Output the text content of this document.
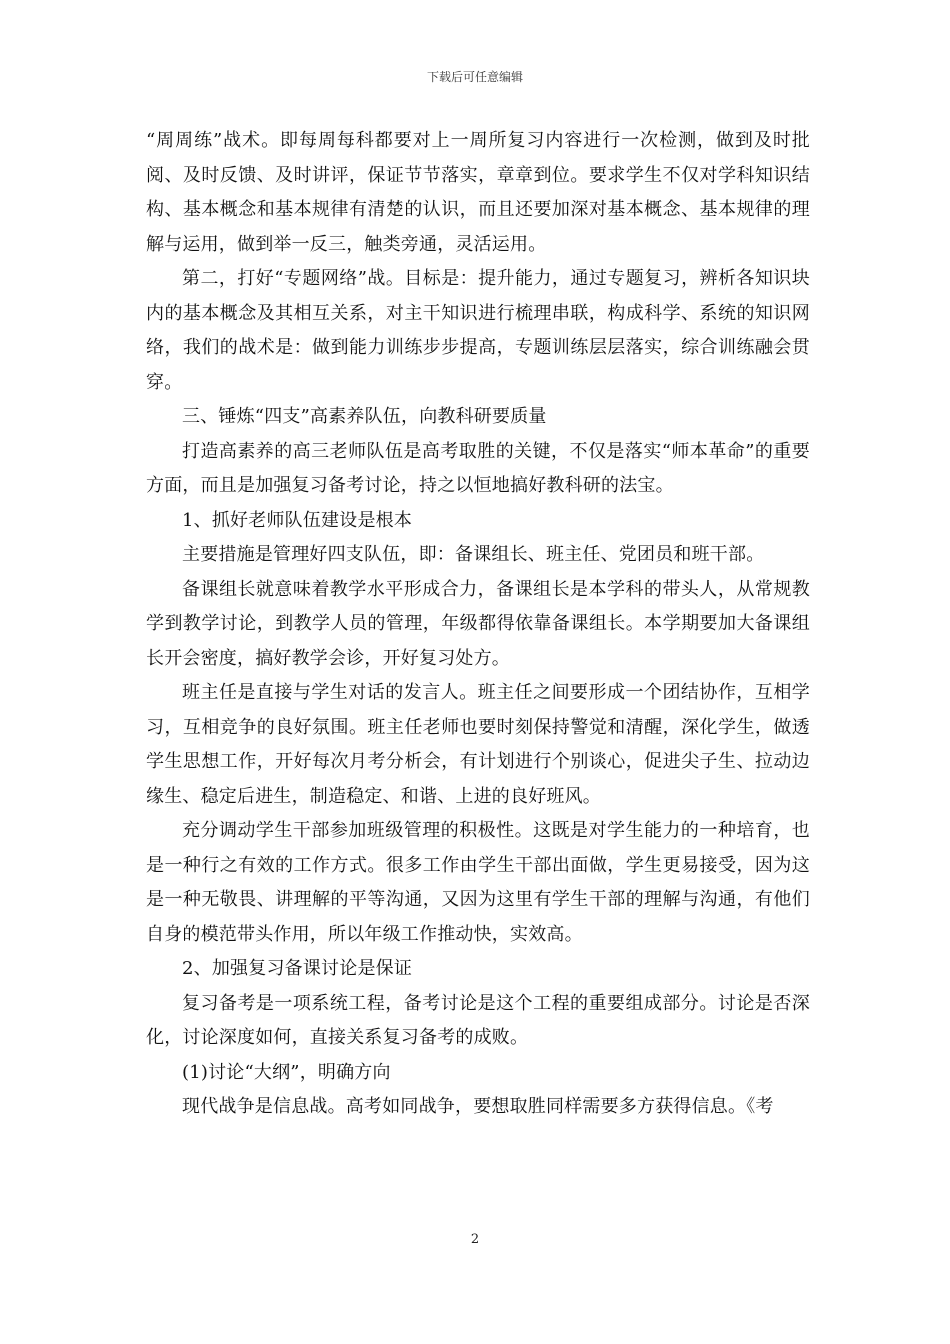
下载后可任意编辑

“周周练”战术。即每周每科都要对上一周所复习内容进行一次检测，做到及时批阅、及时反馈、及时讲评，保证节节落实，章章到位。要求学生不仅对学科知识结构、基本概念和基本规律有清楚的认识，而且还要加深对基本概念、基本规律的理解与运用，做到举一反三，触类旁通，灵活运用。

第二，打好“专题网络”战。目标是：提升能力，通过专题复习，辨析各知识块内的基本概念及其相互关系，对主干知识进行梳理串联，构成科学、系统的知识网络，我们的战术是：做到能力训练步步提高，专题训练层层落实，综合训练融会贯穿。

三、锤炼“四支”高素养队伍，向教科研要质量

打造高素养的高三老师队伍是高考取胜的关键，不仅是落实“师本革命”的重要方面，而且是加强复习备考讨论，持之以恒地搞好教科研的法宝。

1、抓好老师队伍建设是根本

主要措施是管理好四支队伍，即：备课组长、班主任、党团员和班干部。

备课组长就意味着教学水平形成合力，备课组长是本学科的带头人，从常规教学到教学讨论，到教学人员的管理，年级都得依靠备课组长。本学期要加大备课组长开会密度，搞好教学会诊，开好复习处方。

班主任是直接与学生对话的发言人。班主任之间要形成一个团结协作，互相学习，互相竞争的良好氛围。班主任老师也要时刻保持警觉和清醒，深化学生，做透学生思想工作，开好每次月考分析会，有计划进行个别谈心，促进尖子生、拉动边缘生、稳定后进生，制造稳定、和谐、上进的良好班风。

充分调动学生干部参加班级管理的积极性。这既是对学生能力的一种培育，也是一种行之有效的工作方式。很多工作由学生干部出面做，学生更易接受，因为这是一种无敬畏、讲理解的平等沟通，又因为这里有学生干部的理解与沟通，有他们自身的模范带头作用，所以年级工作推动快，实效高。

2、加强复习备课讨论是保证

复习备考是一项系统工程，备考讨论是这个工程的重要组成部分。讨论是否深化，讨论深度如何，直接关系复习备考的成败。

(1)讨论“大纲”，明确方向

现代战争是信息战。高考如同战争，要想取胜同样需要多方获得信息。《考

2
